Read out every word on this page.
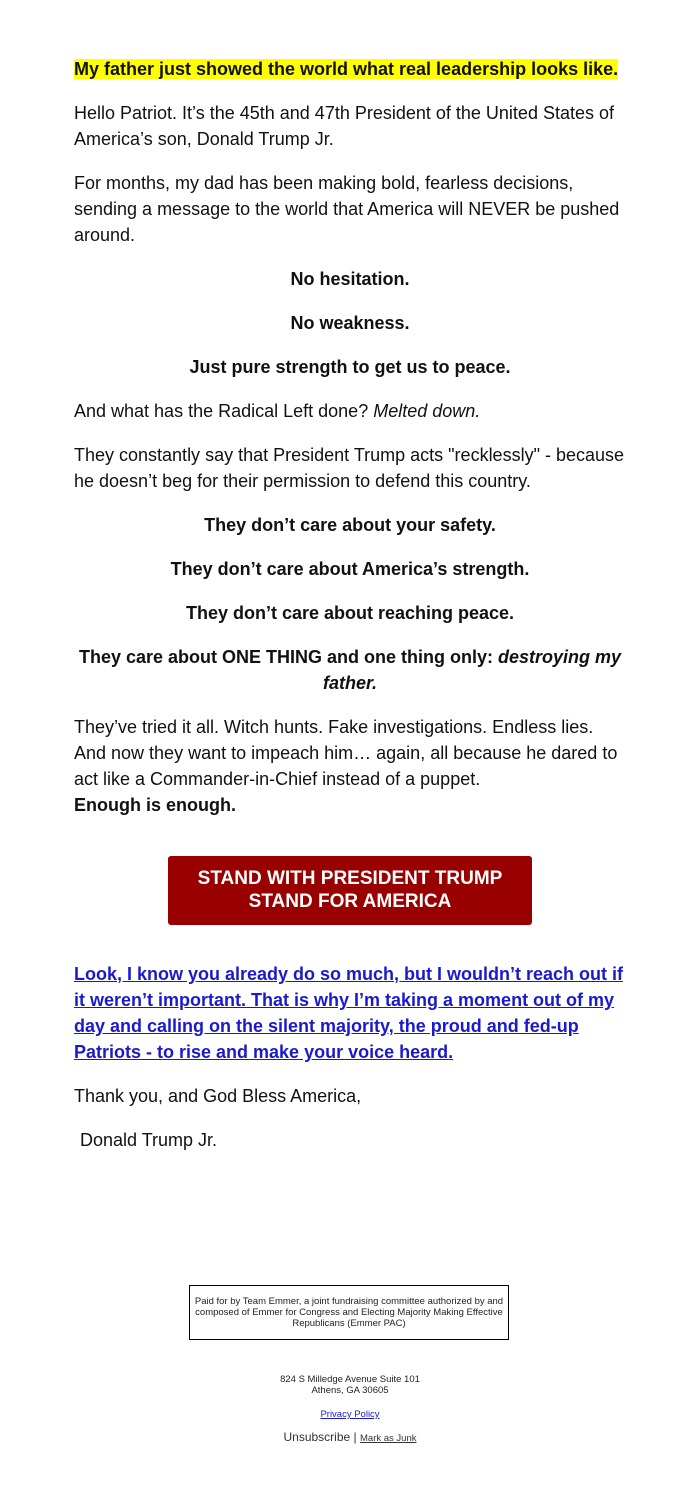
My father just showed the world what real leadership looks like.

Hello Patriot. It’s the 45th and 47th President of the United States of America’s son, Donald Trump Jr.

For months, my dad has been making bold, fearless decisions, sending a message to the world that America will NEVER be pushed around.

No hesitation.

No weakness.

Just pure strength to get us to peace.

And what has the Radical Left done? Melted down.

They constantly say that President Trump acts "recklessly" - because he doesn’t beg for their permission to defend this country.

They don’t care about your safety.

They don’t care about America’s strength.

They don’t care about reaching peace.

They care about ONE THING and one thing only: destroying my father.

They’ve tried it all. Witch hunts. Fake investigations. Endless lies. And now they want to impeach him… again, all because he dared to act like a Commander-in-Chief instead of a puppet.
Enough is enough.

STAND WITH PRESIDENT TRUMP
STAND FOR AMERICA

Look, I know you already do so much, but I wouldn’t reach out if it weren’t important. That is why I’m taking a moment out of my day and calling on the silent majority, the proud and fed-up Patriots - to rise and make your voice heard.

Thank you, and God Bless America,

Donald Trump Jr.

Paid for by Team Emmer, a joint fundraising committee authorized by and composed of Emmer for Congress and Electing Majority Making Effective Republicans (Emmer PAC)
824 S Milledge Avenue Suite 101
Athens, GA 30605
Privacy Policy
Unsubscribe | Mark as Junk
